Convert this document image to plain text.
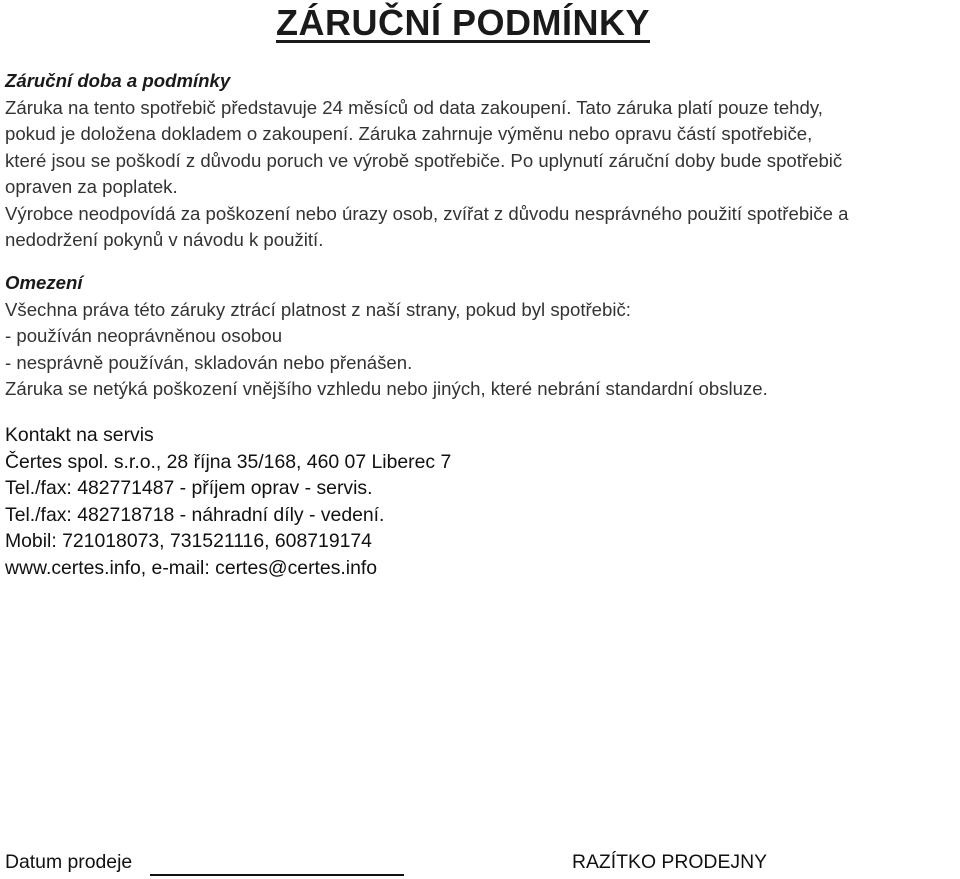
ZÁRUČNÍ PODMÍNKY

Záruční doba a podmínky

Záruka na tento spotřebič představuje 24 měsíců od data zakoupení. Tato záruka platí pouze tehdy,

pokud je doložena dokladem o zakoupení. Záruka zahrnuje výměnu nebo opravu částí spotřebiče,

které jsou se poškodí z důvodu poruch ve výrobě spotřebiče. Po uplynutí záruční doby bude spotřebič

opraven za poplatek.

Výrobce neodpovídá za poškození nebo úrazy osob, zvířat z důvodu nesprávného použití spotřebiče a

nedodržení pokynů v návodu k použití.

Omezení

Všechna práva této záruky ztrácí platnost z naší strany, pokud byl spotřebič:

- používán neoprávněnou osobou

- nesprávně používán, skladován nebo přenášen.

Záruka se netýká poškození vnějšího vzhledu nebo jiných, které nebrání standardní obsluze.

Kontakt na servis

Čertes spol. s.r.o., 28 října 35/168, 460 07 Liberec 7

Tel./fax: 482771487 - příjem oprav - servis.

Tel./fax: 482718718 - náhradní díly - vedení.

Mobil: 721018073, 731521116, 608719174

www.certes.info, e-mail: certes@certes.info

Datum prodeje	RAZÍTKO PRODEJNY
